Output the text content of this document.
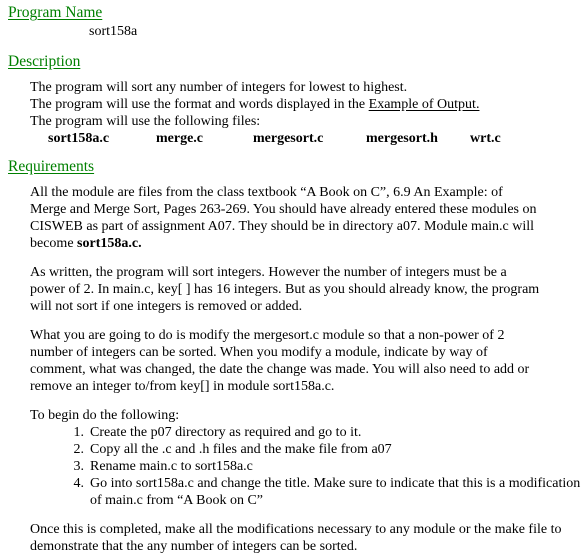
Program Name
sort158a
Description
The program will sort any number of integers for lowest to highest.
The program will use the format and words displayed in the Example of Output.
The program will use the following files:
sort158a.c	merge.c	mergesort.c	mergesort.h wrt.c
Requirements
All the module are files from the class textbook “A Book on C”, 6.9 An Example: of
Merge and Merge Sort, Pages 263-269. You should have already entered these modules on
CISWEB as part of assignment A07. They should be in directory a07. Module main.c will
become sort158a.c.
As written, the program will sort integers. However the number of integers must be a
power of 2. In main.c, key[ ] has 16 integers. But as you should already know, the program
will not sort if one integers is removed or added.
What you are going to do is modify the mergesort.c module so that a non-power of 2
number of integers can be sorted. When you modify a module, indicate by way of
comment, what was changed, the date the change was made. You will also need to add or
remove an integer to/from key[] in module sort158a.c.
To begin do the following:
1. Create the p07 directory as required and go to it.
2. Copy all the .c and .h files and the make file from a07
3. Rename main.c to sort158a.c
4. Go into sort158a.c and change the title. Make sure to indicate that this is a modification
of main.c from “A Book on C”
Once this is completed, make all the modifications necessary to any module or the make file to
demonstrate that the any number of integers can be sorted.
